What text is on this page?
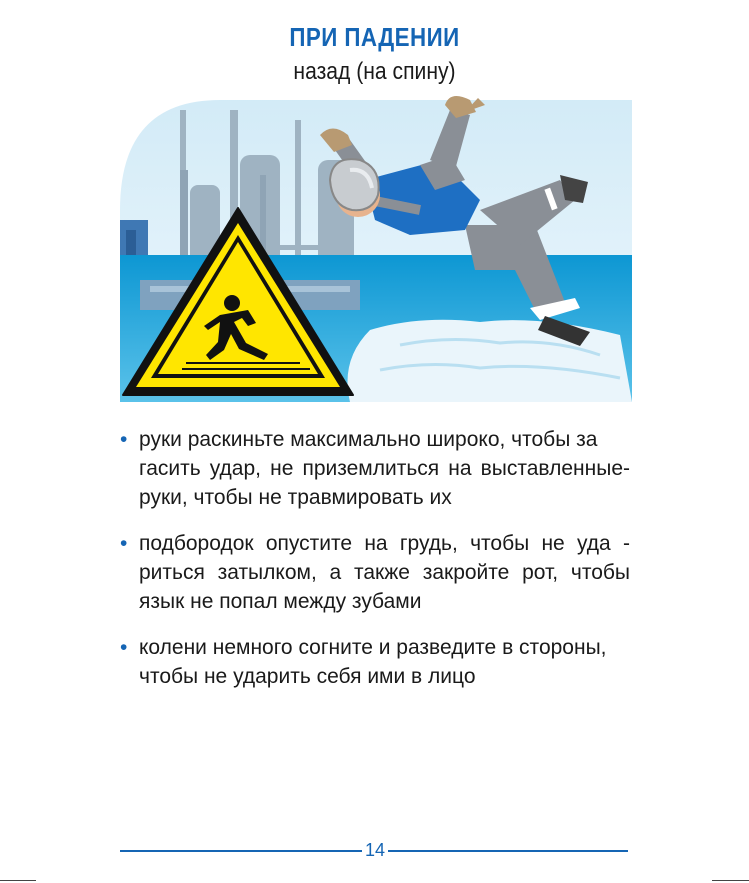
ПРИ ПАДЕНИИ
назад (на спину)
• руки раскиньте максимально широко, чтобы за
гасить удар, не приземлиться на выставленные-
руки, чтобы не травмировать их
• подбородок опустите на грудь, чтобы не уда -
риться затылком, а также закройте рот, чтобы
язык не попал между зубами
• колени немного согните и разведите в стороны,
чтобы не ударить себя ими в лицо
14
